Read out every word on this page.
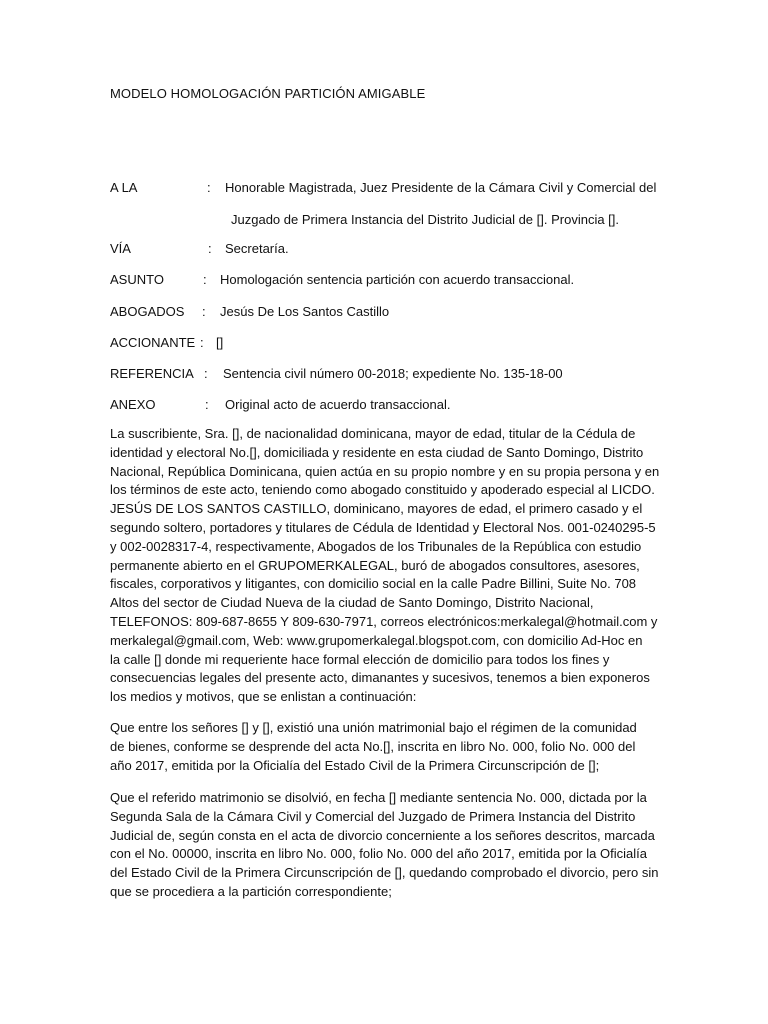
MODELO HOMOLOGACIÓN PARTICIÓN AMIGABLE
A LA	: Honorable Magistrada, Juez Presidente de la Cámara Civil y Comercial del
Juzgado de Primera Instancia del Distrito Judicial de []. Provincia [].
VÍA	: Secretaría.
ASUNTO	: Homologación sentencia partición con acuerdo transaccional.
ABOGADOS : Jesús De Los Santos Castillo
ACCIONANTE : []
REFERENCIA : Sentencia civil número 00-2018; expediente No. 135-18-00
ANEXO	: Original acto de acuerdo transaccional.
La suscribiente, Sra. [], de nacionalidad dominicana, mayor de edad, titular de la Cédula de
identidad y electoral No.[], domiciliada y residente en esta ciudad de Santo Domingo, Distrito
Nacional, República Dominicana, quien actúa en su propio nombre y en su propia persona y en
los términos de este acto, teniendo como abogado constituido y apoderado especial al LICDO.
JESÚS DE LOS SANTOS CASTILLO, dominicano, mayores de edad, el primero casado y el
segundo soltero, portadores y titulares de Cédula de Identidad y Electoral Nos. 001-0240295-5
y 002-0028317-4, respectivamente, Abogados de los Tribunales de la República con estudio
permanente abierto en el GRUPOMERKALEGAL, buró de abogados consultores, asesores,
fiscales, corporativos y litigantes, con domicilio social en la calle Padre Billini, Suite No. 708
Altos del sector de Ciudad Nueva de la ciudad de Santo Domingo, Distrito Nacional,
TELEFONOS: 809-687-8655 Y 809-630-7971, correos electrónicos:merkalegal@hotmail.com y
merkalegal@gmail.com, Web: www.grupomerkalegal.blogspot.com, con domicilio Ad-Hoc en
la calle [] donde mi requeriente hace formal elección de domicilio para todos los fines y
consecuencias legales del presente acto, dimanantes y sucesivos, tenemos a bien exponeros
los medios y motivos, que se enlistan a continuación:
Que entre los señores [] y [], existió una unión matrimonial bajo el régimen de la comunidad
de bienes, conforme se desprende del acta No.[], inscrita en libro No. 000, folio No. 000 del
año 2017, emitida por la Oficialía del Estado Civil de la Primera Circunscripción de [];
Que el referido matrimonio se disolvió, en fecha [] mediante sentencia No. 000, dictada por la
Segunda Sala de la Cámara Civil y Comercial del Juzgado de Primera Instancia del Distrito
Judicial de, según consta en el acta de divorcio concerniente a los señores descritos, marcada
con el No. 00000, inscrita en libro No. 000, folio No. 000 del año 2017, emitida por la Oficialía
del Estado Civil de la Primera Circunscripción de [], quedando comprobado el divorcio, pero sin
que se procediera a la partición correspondiente;
